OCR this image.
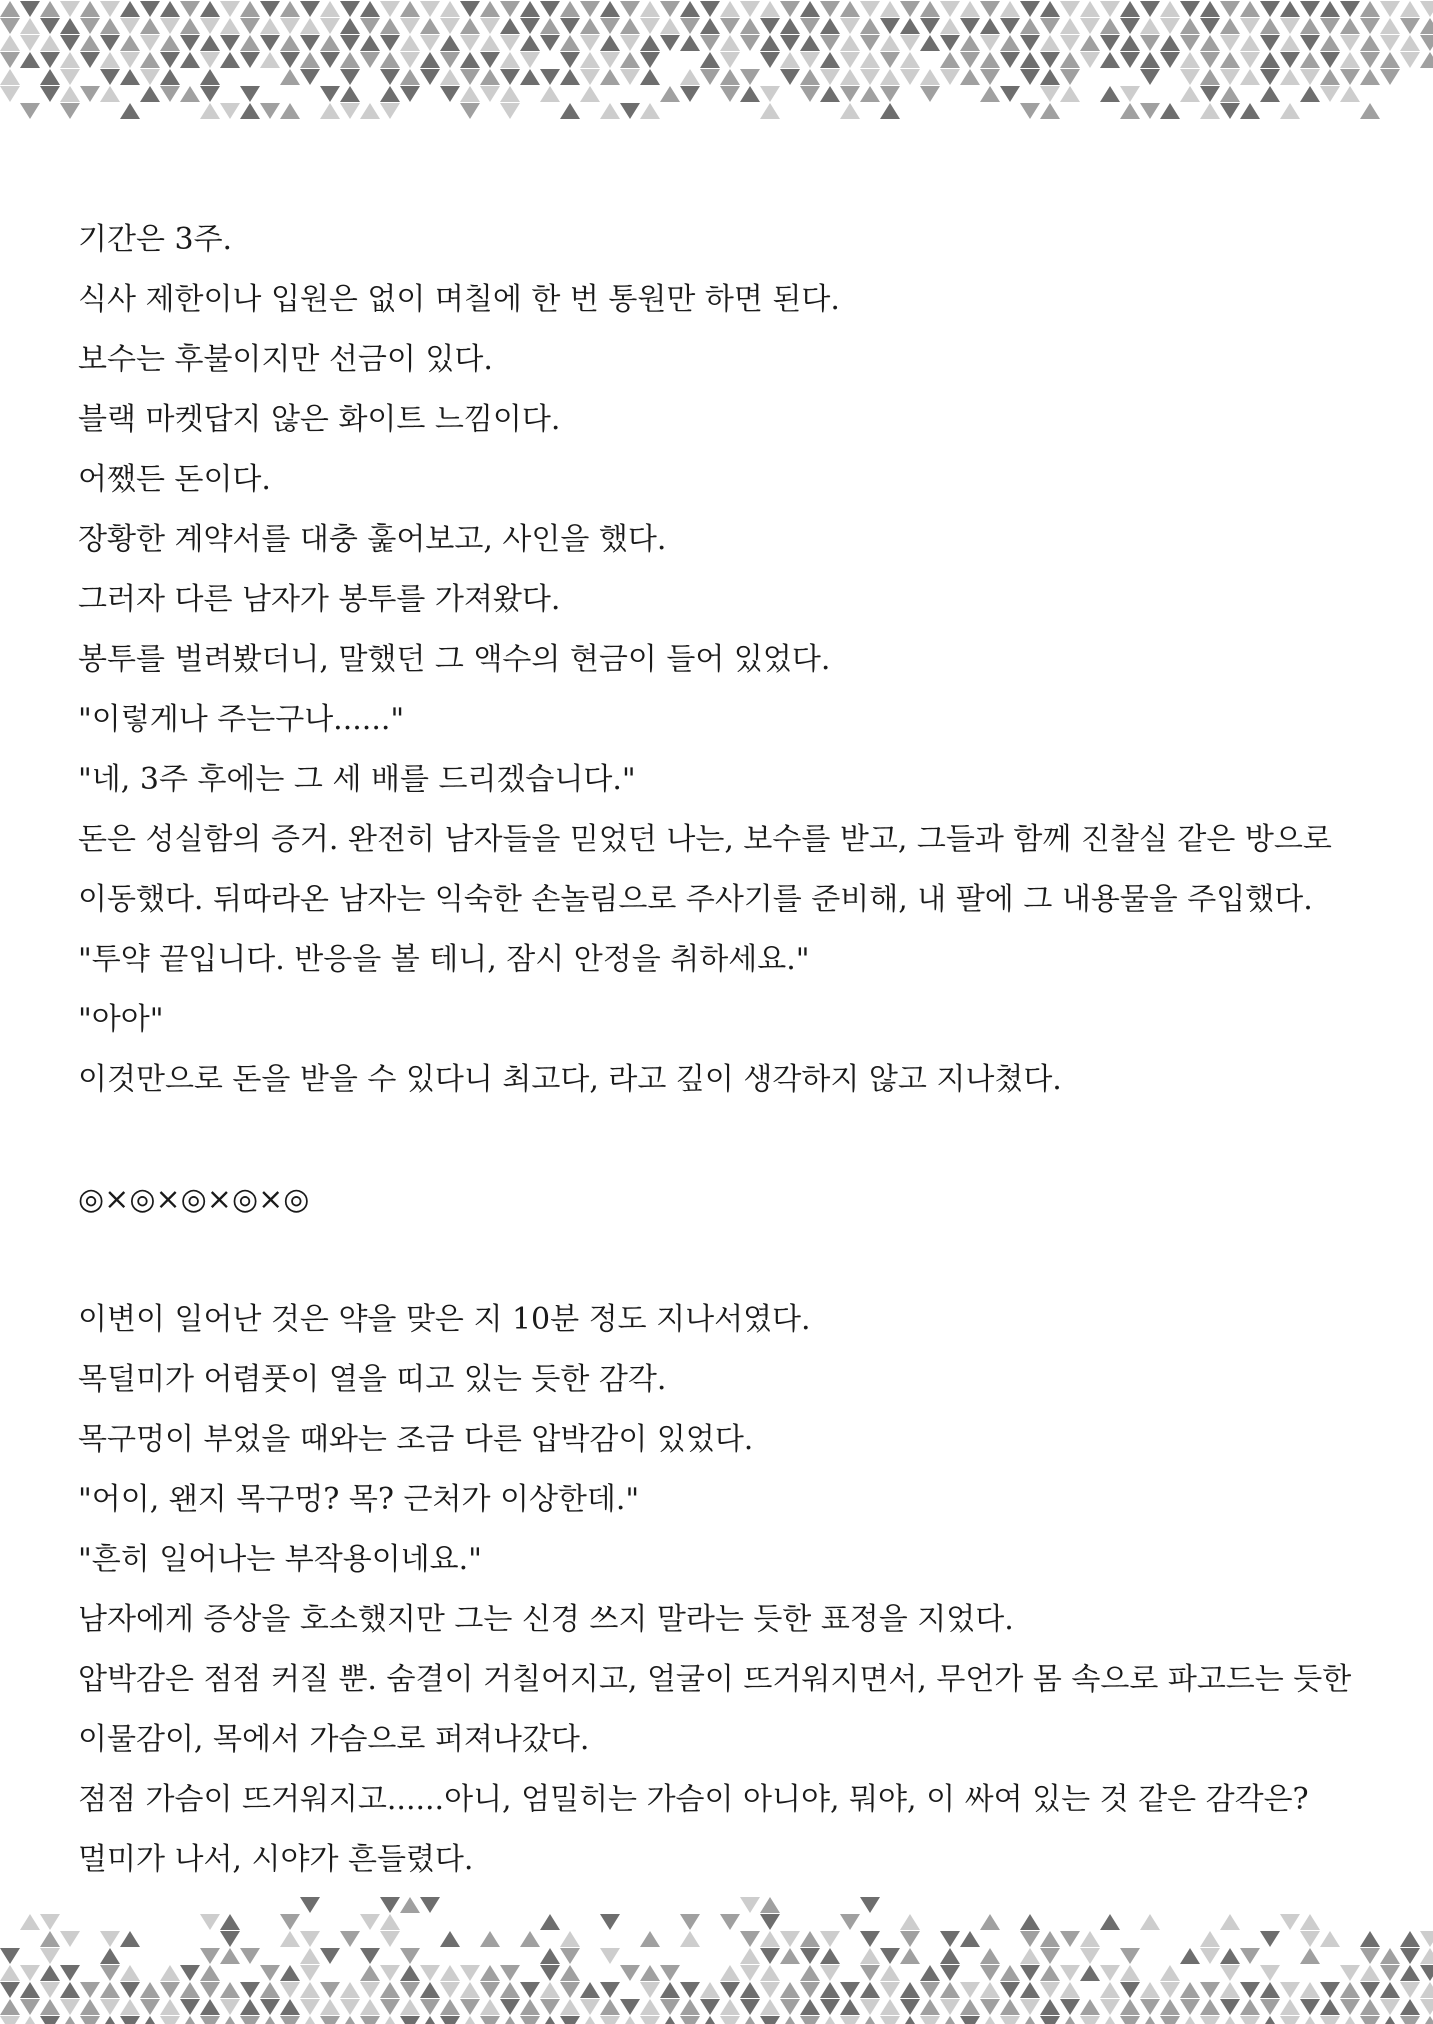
기간은 3주.
식사 제한이나 입원은 없이 며칠에 한 번 통원만 하면 된다.
보수는 후불이지만 선금이 있다.
블랙 마켓답지 않은 화이트 느낌이다.
어쨌든 돈이다.
장황한 계약서를 대충 훑어보고, 사인을 했다.
그러자 다른 남자가 봉투를 가져왔다.
봉투를 벌려봤더니, 말했던 그 액수의 현금이 들어 있었다.
"이렇게나 주는구나......"
"네, 3주 후에는 그 세 배를 드리겠습니다."
돈은 성실함의 증거. 완전히 남자들을 믿었던 나는, 보수를 받고, 그들과 함께 진찰실 같은 방으로
이동했다. 뒤따라온 남자는 익숙한 손놀림으로 주사기를 준비해, 내 팔에 그 내용물을 주입했다.
"투약 끝입니다. 반응을 볼 테니, 잠시 안정을 취하세요."
"아아"
이것만으로 돈을 받을 수 있다니 최고다, 라고 깊이 생각하지 않고 지나쳤다.
◎×◎×◎×◎×◎
이변이 일어난 것은 약을 맞은 지 10분 정도 지나서였다.
목덜미가 어렴풋이 열을 띠고 있는 듯한 감각.
목구멍이 부었을 때와는 조금 다른 압박감이 있었다.
"어이, 왠지 목구멍? 목? 근처가 이상한데."
"흔히 일어나는 부작용이네요."
남자에게 증상을 호소했지만 그는 신경 쓰지 말라는 듯한 표정을 지었다.
압박감은 점점 커질 뿐. 숨결이 거칠어지고, 얼굴이 뜨거워지면서, 무언가 몸 속으로 파고드는 듯한
이물감이, 목에서 가슴으로 퍼져나갔다.
점점 가슴이 뜨거워지고......아니, 엄밀히는 가슴이 아니야, 뭐야, 이 싸여 있는 것 같은 감각은?
멀미가 나서, 시야가 흔들렸다.
